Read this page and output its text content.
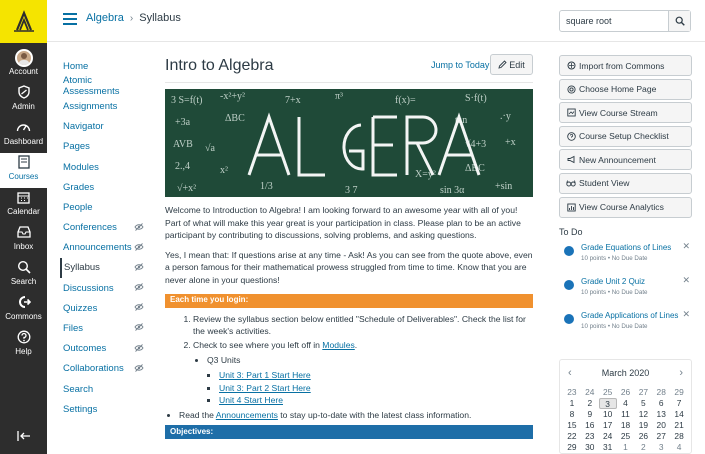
Account
Admin
Dashboard
Courses
Calendar
Inbox
Search
Commons
Help
Algebra › Syllabus
square root
Home
Atomic Assessments
Assignments
Navigator
Pages
Modules
Grades
People
Conferences
Announcements
Syllabus
Discussions
Quizzes
Files
Outcomes
Collaborations
Search
Settings
Intro to Algebra	Jump to Today Edit
3 S=f(t) -x²+y²	7+x	π³	f(x)=	S·f(t)
+3a	ΔBC	tan	.·y
AVB √a	√4+3 +x
2.,4	x²	X=y²
ΔBC
+sin
√+x²	3 7
1/3	sin 3α

Welcome to Introduction to Algebra! I am looking forward to an awesome year with all of you! Part of what will make this year great is your participation in class. Please plan to be an active participant by contributing to discussions, solving problems, and asking questions.

Yes, I mean that: If questions arise at any time - Ask! As you can see from the quote above, even a person famous for their mathematical prowess struggled from time to time. Know that you are never alone in your questions!

Each time you login:
1. Review the syllabus section below entitled "Schedule of Deliverables". Check the list for the week's activities.
2. Check to see where you left off in Modules.
• Q3 Units
▪ Unit 3: Part 1 Start Here
▪ Unit 3: Part 2 Start Here
▪ Unit 4 Start Here
• Read the Announcements to stay up-to-date with the latest class information.
Objectives:
Import from Commons
Choose Home Page
View Course Stream
Course Setup Checklist
New Announcement
Student View
View Course Analytics
To Do
Grade Equations of Lines
10 points • No Due Date
✕
Grade Unit 2 Quiz
10 points • No Due Date
✕
Grade Applications of Lines
10 points • No Due Date
✕
‹	March 2020	›
23	24	25	26	27	28	29
1	2	3	4	5	6	7
8	9	10	11	12	13	14
15	16	17	18	19	20	21
22	23	24	25	26	27	28
29	30	31	1	2	3	4
